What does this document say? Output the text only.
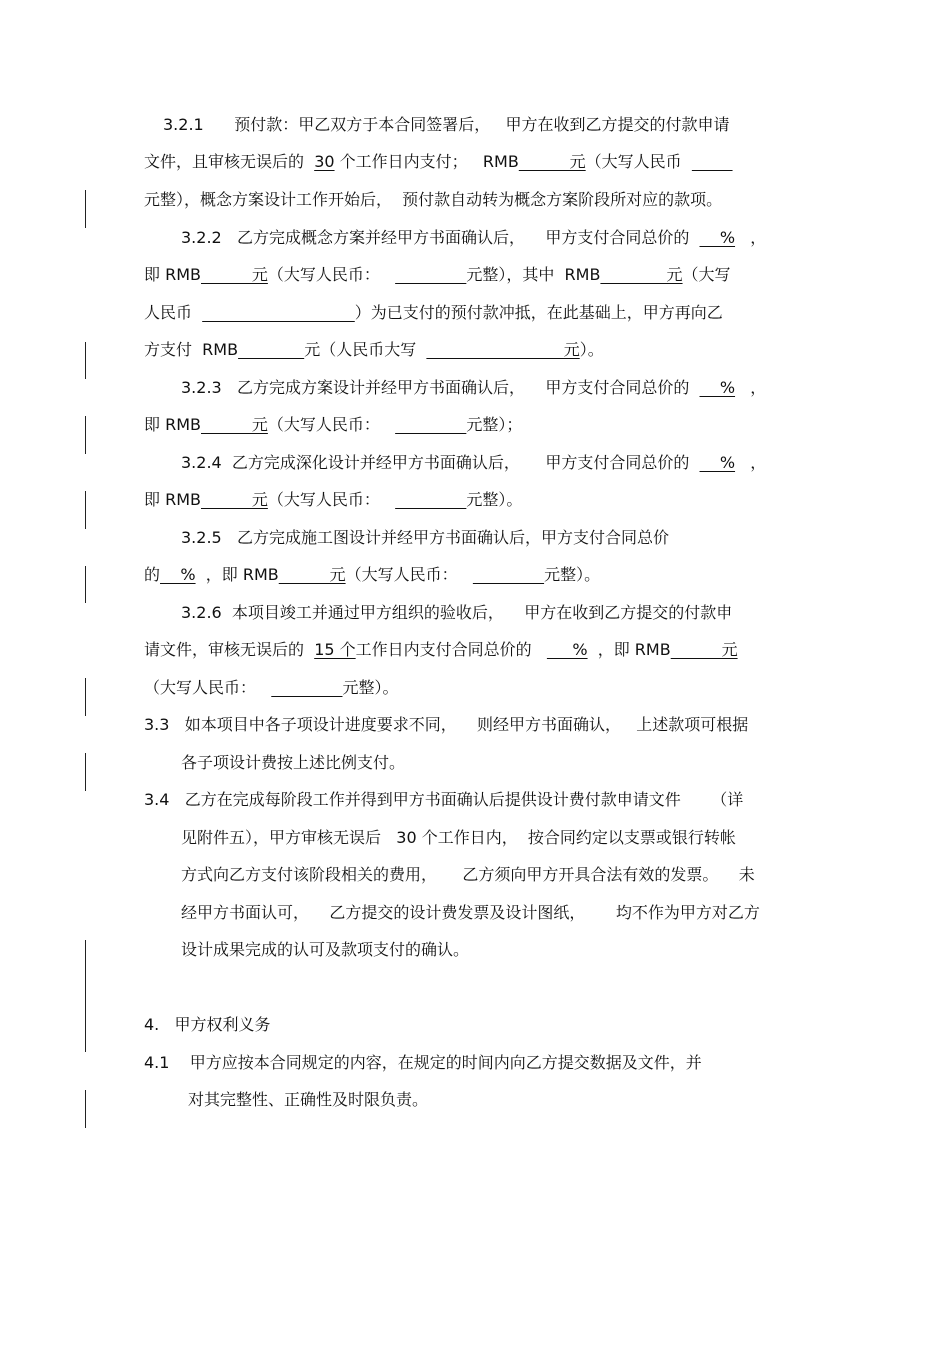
3.2.1      预付款：甲乙双方于本合同签署后，   甲方在收到乙方提交的付款申请
文件，且审核无误后的  30 个工作日内支付；   RMB          元（大写人民币
元整），概念方案设计工作开始后，  预付款自动转为概念方案阶段所对应的款项。
3.2.2   乙方完成概念方案并经甲方书面确认后，    甲方支付合同总价的      %   ，
即 RMB          元（大写人民币：	元整），其中  RMB             元（大写
人民币	）为已支付的预付款冲抵，在此基础上，甲方再向乙
方支付  RMB	元（人民币大写                             元）。
3.2.3   乙方完成方案设计并经甲方书面确认后，    甲方支付合同总价的      %   ，
即 RMB          元（大写人民币：	元整）；
3.2.4  乙方完成深化设计并经甲方书面确认后，     甲方支付合同总价的      %   ，
即 RMB          元（大写人民币：	元整）。
3.2.5   乙方完成施工图设计并经甲方书面确认后，甲方支付合同总价
的    %  ，即 RMB          元（大写人民币：	元整）。
3.2.6  本项目竣工并通过甲方组织的验收后，    甲方在收到乙方提交的付款申
请文件，审核无误后的  15 个工作日内支付合同总价的        %  ，即 RMB          元
（大写人民币：	元整）。
3.3   如本项目中各子项设计进度要求不同，    则经甲方书面确认，   上述款项可根据
各子项设计费按上述比例支付。
3.4   乙方在完成每阶段工作并得到甲方书面确认后提供设计费付款申请文件      （详
见附件五），甲方审核无误后   30 个工作日内，  按合同约定以支票或银行转帐
方式向乙方支付该阶段相关的费用，     乙方须向甲方开具合法有效的发票。    未
经甲方书面认可，    乙方提交的设计费发票及设计图纸，      均不作为甲方对乙方
设计成果完成的认可及款项支付的确认。
4.   甲方权利义务
4.1    甲方应按本合同规定的内容，在规定的时间内向乙方提交数据及文件，并
对其完整性、正确性及时限负责。
